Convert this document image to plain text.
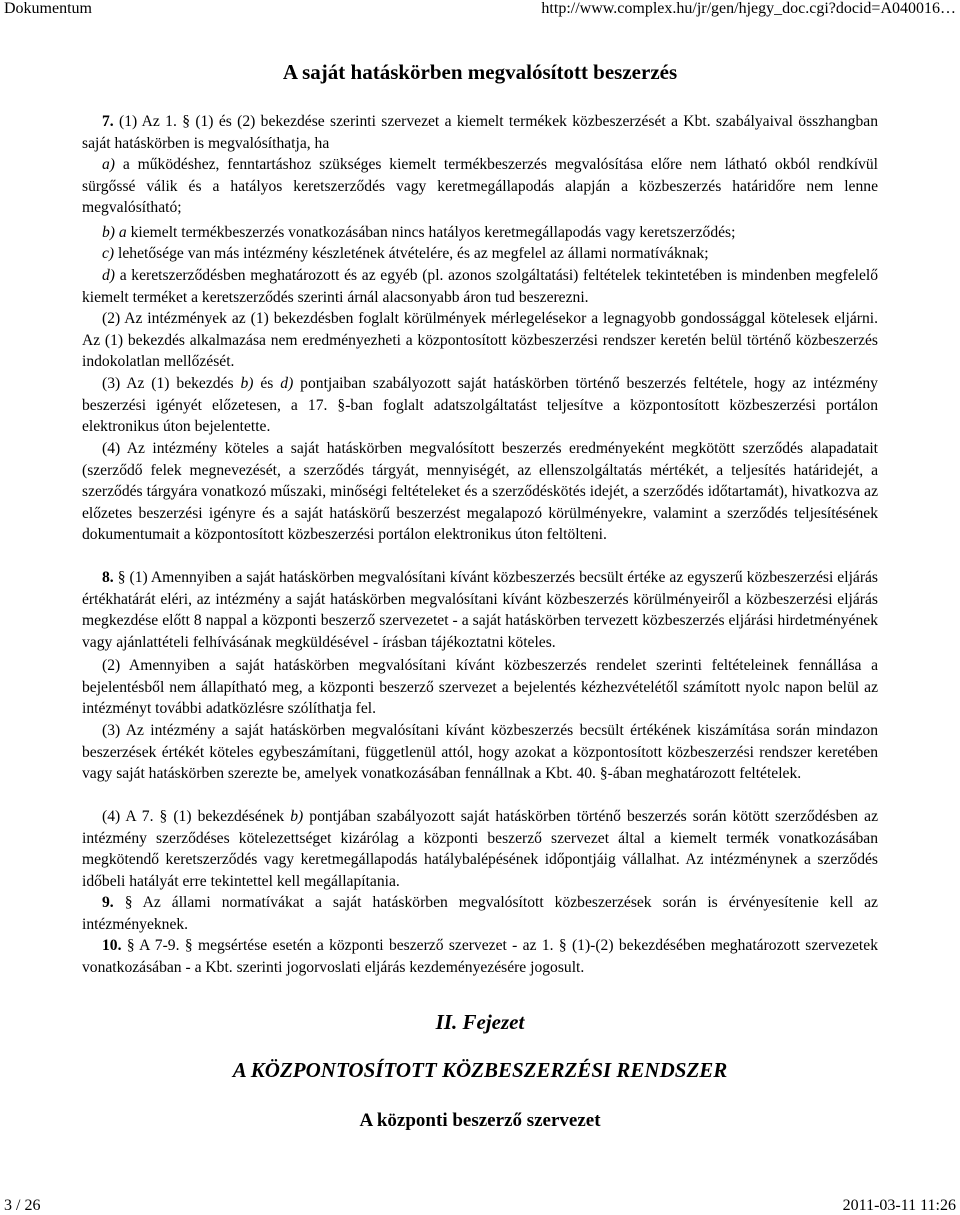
Dokumentum	http://www.complex.hu/jr/gen/hjegy_doc.cgi?docid=A040016…
A saját hatáskörben megvalósított beszerzés

7. (1) Az 1. § (1) és (2) bekezdése szerinti szervezet a kiemelt termékek közbeszerzését a Kbt. szabályaival összhangban saját hatáskörben is megvalósíthatja, ha

a) a működéshez, fenntartáshoz szükséges kiemelt termékbeszerzés megvalósítása előre nem látható okból rendkívül sürgőssé válik és a hatályos keretszerződés vagy keretmegállapodás alapján a közbeszerzés határidőre nem lenne megvalósítható;

b) a kiemelt termékbeszerzés vonatkozásában nincs hatályos keretmegállapodás vagy keretszerződés;

c) lehetősége van más intézmény készletének átvételére, és az megfelel az állami normatíváknak;

d) a keretszerződésben meghatározott és az egyéb (pl. azonos szolgáltatási) feltételek tekintetében is mindenben megfelelő kiemelt terméket a keretszerződés szerinti árnál alacsonyabb áron tud beszerezni.

(2) Az intézmények az (1) bekezdésben foglalt körülmények mérlegelésekor a legnagyobb gondossággal kötelesek eljárni. Az (1) bekezdés alkalmazása nem eredményezheti a központosított közbeszerzési rendszer keretén belül történő közbeszerzés indokolatlan mellőzését.

(3) Az (1) bekezdés b) és d) pontjaiban szabályozott saját hatáskörben történő beszerzés feltétele, hogy az intézmény beszerzési igényét előzetesen, a 17. §-ban foglalt adatszolgáltatást teljesítve a központosított közbeszerzési portálon elektronikus úton bejelentette.

(4) Az intézmény köteles a saját hatáskörben megvalósított beszerzés eredményeként megkötött szerződés alapadatait (szerződő felek megnevezését, a szerződés tárgyát, mennyiségét, az ellenszolgáltatás mértékét, a teljesítés határidejét, a szerződés tárgyára vonatkozó műszaki, minőségi feltételeket és a szerződéskötés idejét, a szerződés időtartamát), hivatkozva az előzetes beszerzési igényre és a saját hatáskörű beszerzést megalapozó körülményekre, valamint a szerződés teljesítésének dokumentumait a központosított közbeszerzési portálon elektronikus úton feltölteni.

8. § (1) Amennyiben a saját hatáskörben megvalósítani kívánt közbeszerzés becsült értéke az egyszerű közbeszerzési eljárás értékhatárát eléri, az intézmény a saját hatáskörben megvalósítani kívánt közbeszerzés körülményeiről a közbeszerzési eljárás megkezdése előtt 8 nappal a központi beszerző szervezetet - a saját hatáskörben tervezett közbeszerzés eljárási hirdetményének vagy ajánlattételi felhívásának megküldésével - írásban tájékoztatni köteles.

(2) Amennyiben a saját hatáskörben megvalósítani kívánt közbeszerzés rendelet szerinti feltételeinek fennállása a bejelentésből nem állapítható meg, a központi beszerző szervezet a bejelentés kézhezvételétől számított nyolc napon belül az intézményt további adatközlésre szólíthatja fel.

(3) Az intézmény a saját hatáskörben megvalósítani kívánt közbeszerzés becsült értékének kiszámítása során mindazon beszerzések értékét köteles egybeszámítani, függetlenül attól, hogy azokat a központosított közbeszerzési rendszer keretében vagy saját hatáskörben szerezte be, amelyek vonatkozásában fennállnak a Kbt. 40. §-ában meghatározott feltételek.

(4) A 7. § (1) bekezdésének b) pontjában szabályozott saját hatáskörben történő beszerzés során kötött szerződésben az intézmény szerződéses kötelezettséget kizárólag a központi beszerző szervezet által a kiemelt termék vonatkozásában megkötendő keretszerződés vagy keretmegállapodás hatálybalépésének időpontjáig vállalhat. Az intézménynek a szerződés időbeli hatályát erre tekintettel kell megállapítania.

9. § Az állami normatívákat a saját hatáskörben megvalósított közbeszerzések során is érvényesítenie kell az intézményeknek.

10. § A 7-9. § megsértése esetén a központi beszerző szervezet - az 1. § (1)-(2) bekezdésében meghatározott szervezetek vonatkozásában - a Kbt. szerinti jogorvoslati eljárás kezdeményezésére jogosult.

II. Fejezet
A KÖZPONTOSÍTOTT KÖZBESZERZÉSI RENDSZER
A központi beszerző szervezet
3 / 26	2011-03-11 11:26
